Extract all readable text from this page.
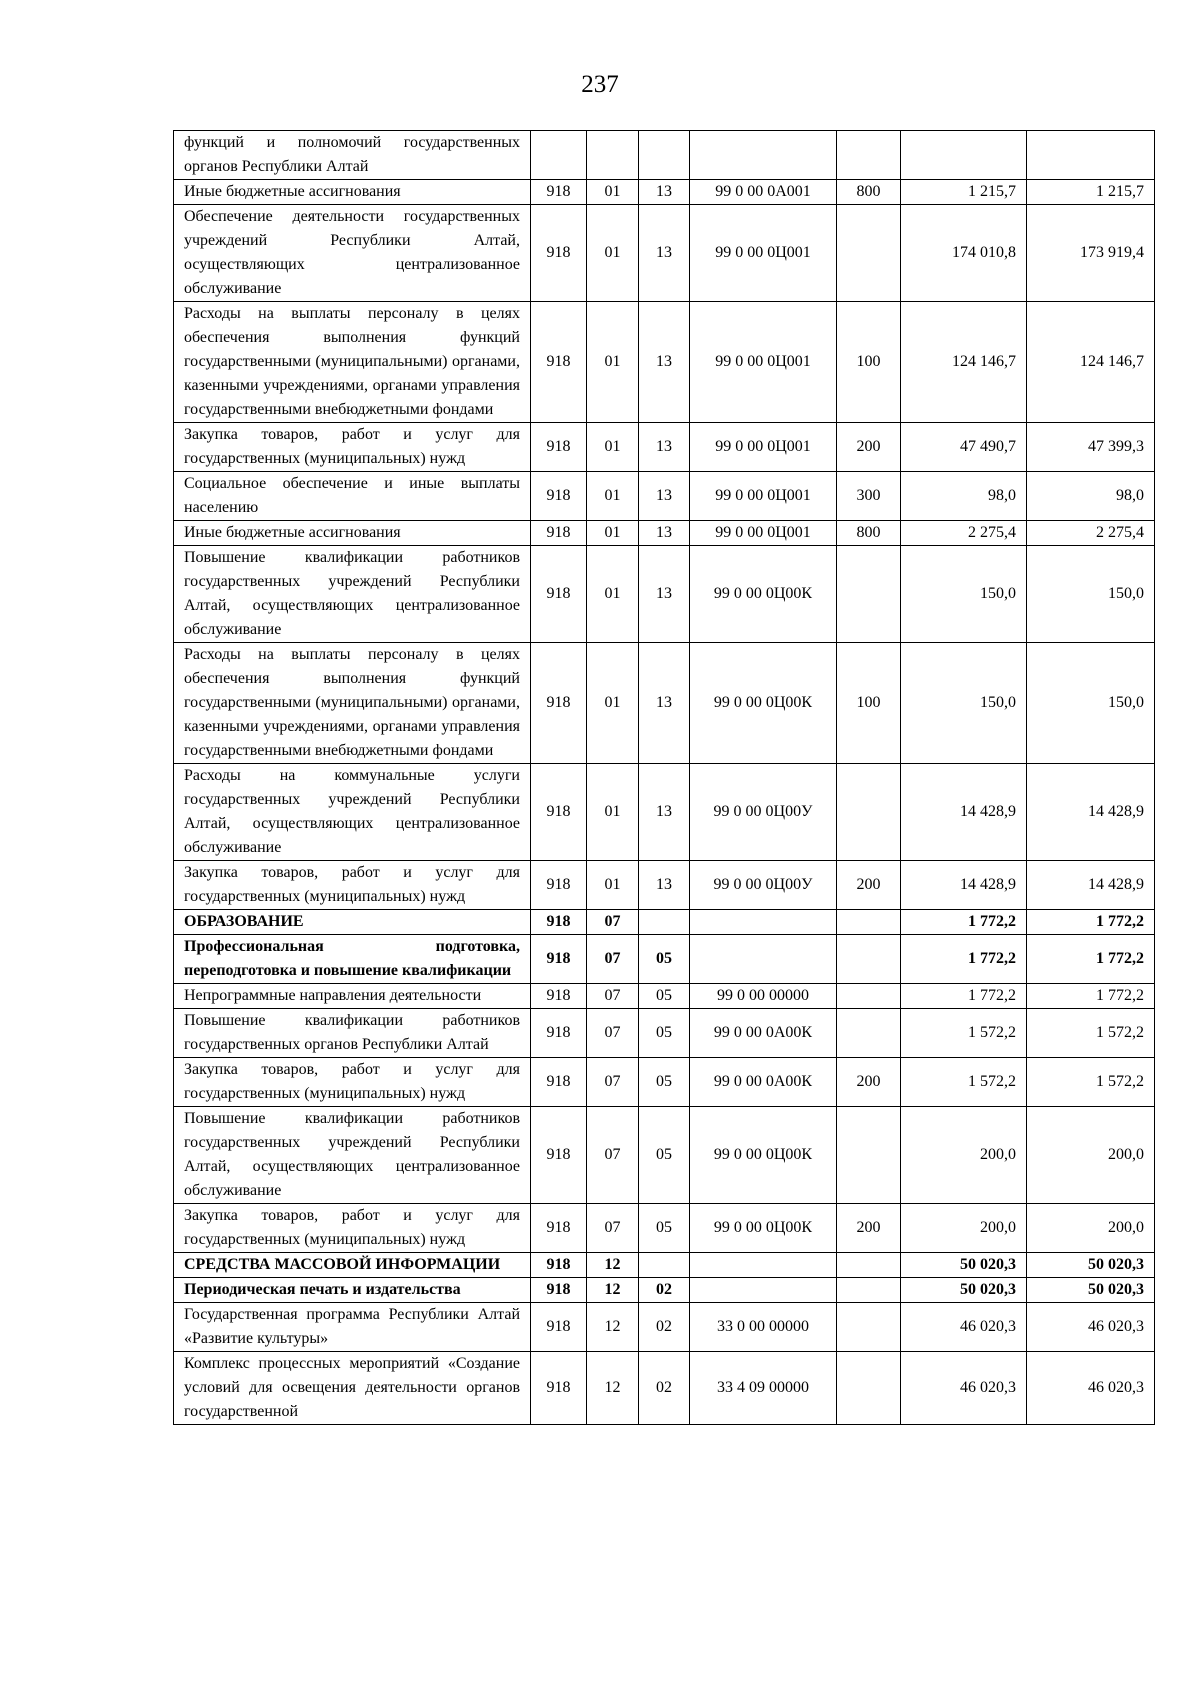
237
функций и полномочий государственных органов Республики Алтай							
Иные бюджетные ассигнования	918	01	13	99 0 00 0А001	800	1 215,7	1 215,7
Обеспечение деятельности государственных учреждений Республики Алтай, осуществляющих централизованное обслуживание	918	01	13	99 0 00 0Ц001		174 010,8	173 919,4
Расходы на выплаты персоналу в целях обеспечения выполнения функций государственными (муниципальными) органами, казенными учреждениями, органами управления государственными внебюджетными фондами	918	01	13	99 0 00 0Ц001	100	124 146,7	124 146,7
Закупка товаров, работ и услуг для государственных (муниципальных) нужд	918	01	13	99 0 00 0Ц001	200	47 490,7	47 399,3
Социальное обеспечение и иные выплаты населению	918	01	13	99 0 00 0Ц001	300	98,0	98,0
Иные бюджетные ассигнования	918	01	13	99 0 00 0Ц001	800	2 275,4	2 275,4
Повышение квалификации работников государственных учреждений Республики Алтай, осуществляющих централизованное обслуживание	918	01	13	99 0 00 0Ц00К		150,0	150,0
Расходы на выплаты персоналу в целях обеспечения выполнения функций государственными (муниципальными) органами, казенными учреждениями, органами управления государственными внебюджетными фондами	918	01	13	99 0 00 0Ц00К	100	150,0	150,0
Расходы на коммунальные услуги государственных учреждений Республики Алтай, осуществляющих централизованное обслуживание	918	01	13	99 0 00 0Ц00У		14 428,9	14 428,9
Закупка товаров, работ и услуг для государственных (муниципальных) нужд	918	01	13	99 0 00 0Ц00У	200	14 428,9	14 428,9
ОБРАЗОВАНИЕ	918	07				1 772,2	1 772,2
Профессиональная подготовка, переподготовка и повышение квалификации	918	07	05			1 772,2	1 772,2
Непрограммные направления деятельности	918	07	05	99 0 00 00000		1 772,2	1 772,2
Повышение квалификации работников государственных органов Республики Алтай	918	07	05	99 0 00 0А00К		1 572,2	1 572,2
Закупка товаров, работ и услуг для государственных (муниципальных) нужд	918	07	05	99 0 00 0А00К	200	1 572,2	1 572,2
Повышение квалификации работников государственных учреждений Республики Алтай, осуществляющих централизованное обслуживание	918	07	05	99 0 00 0Ц00К		200,0	200,0
Закупка товаров, работ и услуг для государственных (муниципальных) нужд	918	07	05	99 0 00 0Ц00К	200	200,0	200,0
СРЕДСТВА МАССОВОЙ ИНФОРМАЦИИ	918	12				50 020,3	50 020,3
Периодическая печать и издательства	918	12	02			50 020,3	50 020,3
Государственная программа Республики Алтай «Развитие культуры»	918	12	02	33 0 00 00000		46 020,3	46 020,3
Комплекс процессных мероприятий «Создание условий для освещения деятельности органов государственной	918	12	02	33 4 09 00000		46 020,3	46 020,3
